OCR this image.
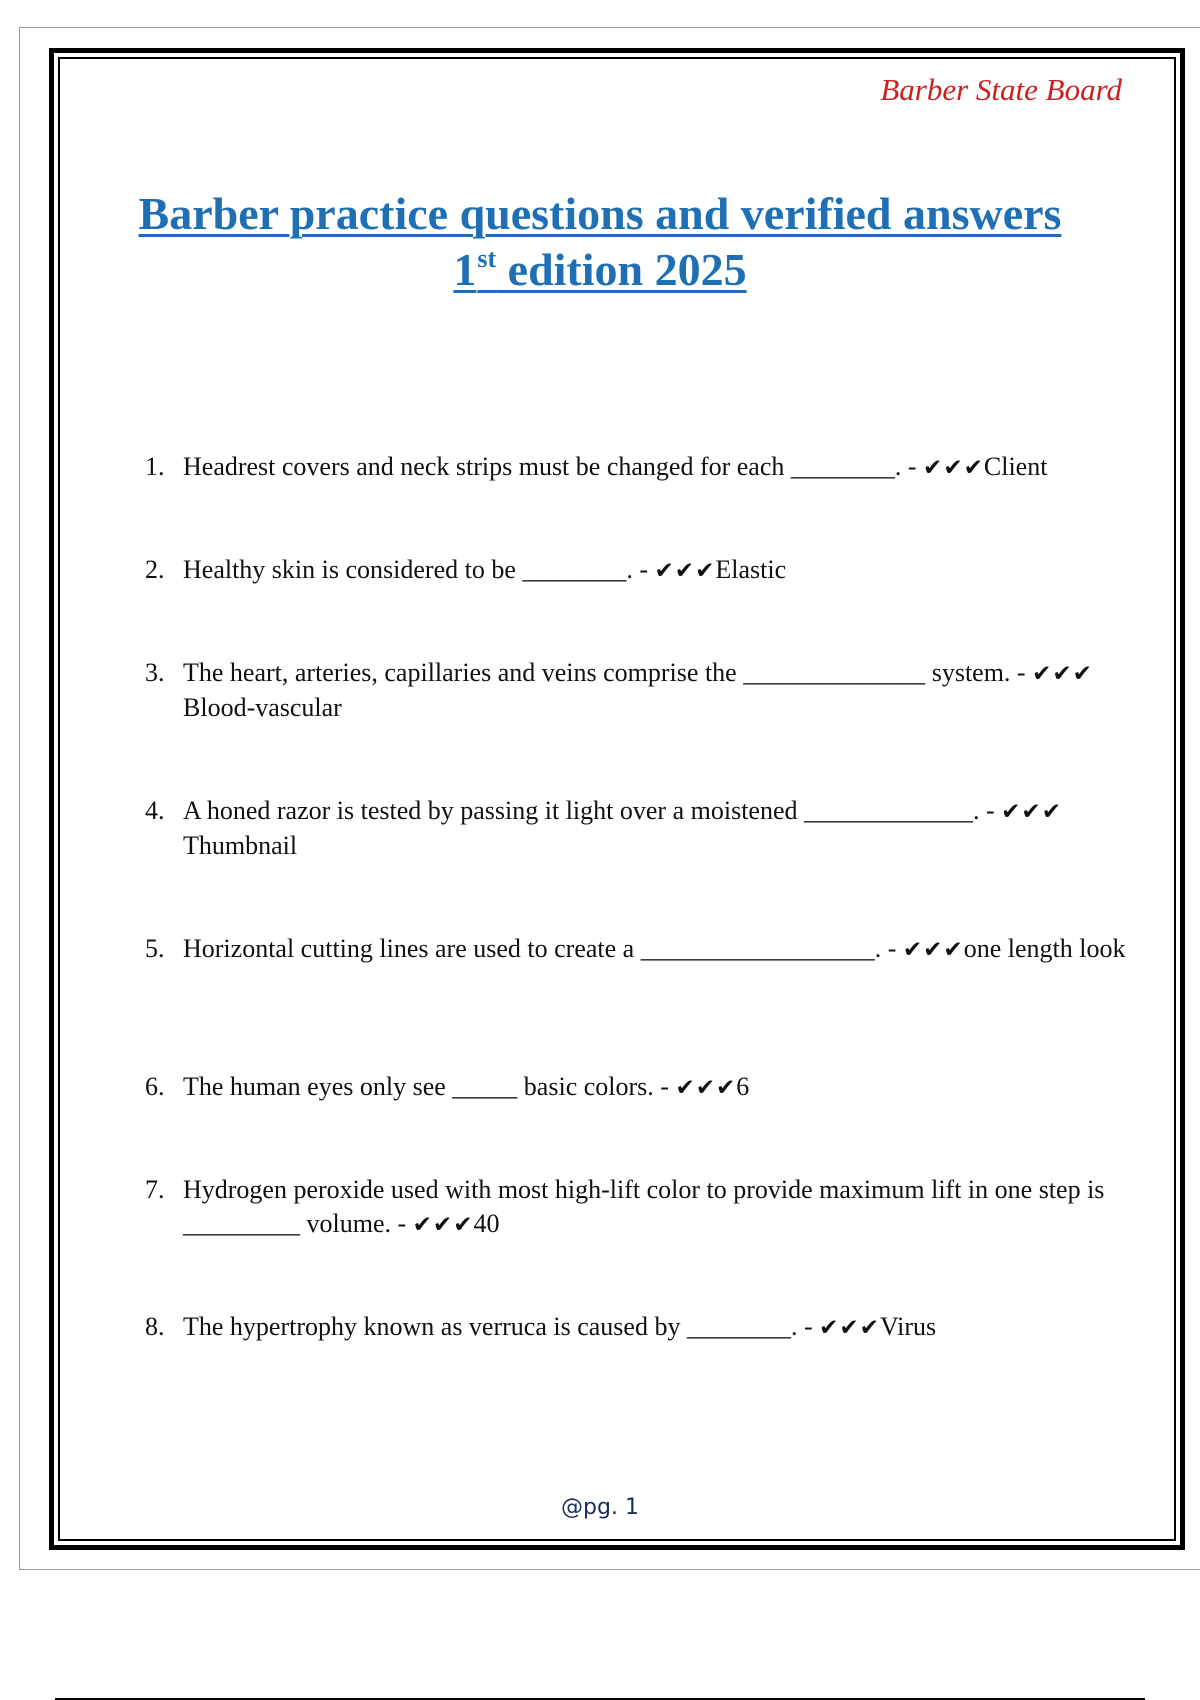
Barber State Board
Barber practice questions and verified answers
1st edition 2025
1. Headrest covers and neck strips must be changed for each ________. - ✔✔✔Client
2. Healthy skin is considered to be ________. - ✔✔✔Elastic
3. The heart, arteries, capillaries and veins comprise the ______________ system. - ✔✔✔Blood-vascular
4. A honed razor is tested by passing it light over a moistened _____________. - ✔✔✔Thumbnail
5. Horizontal cutting lines are used to create a __________________. - ✔✔✔one length look
6. The human eyes only see _____ basic colors. - ✔✔✔6
7. Hydrogen peroxide used with most high-lift color to provide maximum lift in one step is _________ volume. - ✔✔✔40
8. The hypertrophy known as verruca is caused by ________. - ✔✔✔Virus
@pg. 1
